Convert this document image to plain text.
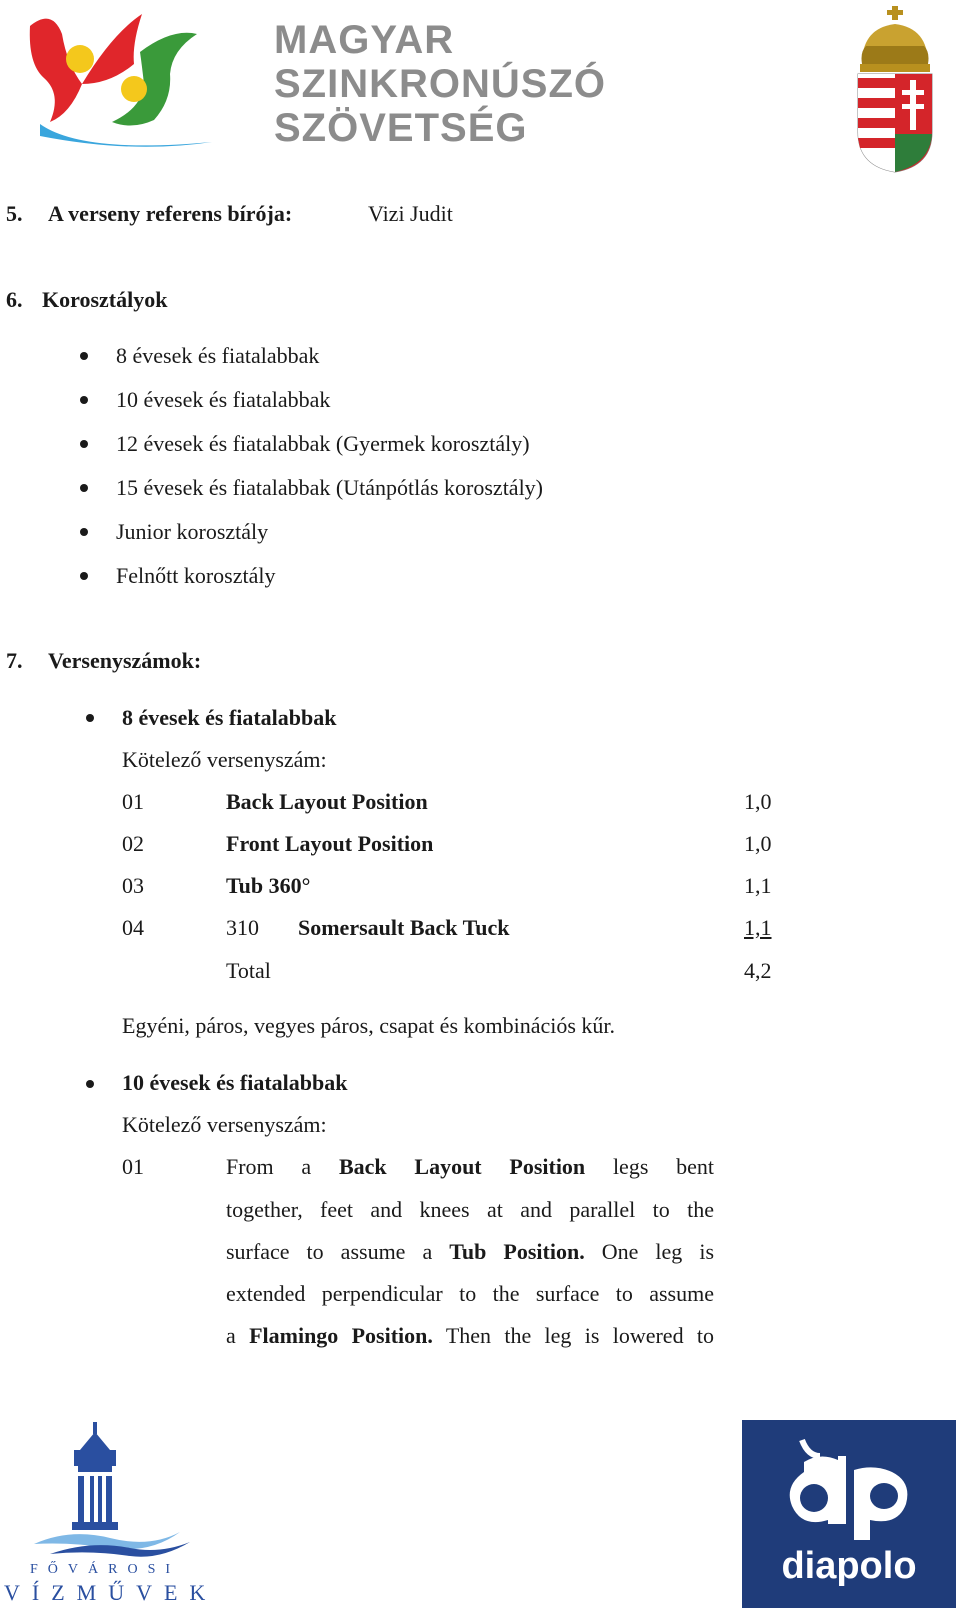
MAGYAR
SZINKRONÚSZÓ
SZÖVETSÉG
5. A verseny referens bírója:	Vizi Judit
6. Korosztályok
8 évesek és fiatalabbak
10 évesek és fiatalabbak
12 évesek és fiatalabbak (Gyermek korosztály)
15 évesek és fiatalabbak (Utánpótlás korosztály)
Junior korosztály
Felnőtt korosztály
7. Versenyszámok:
8 évesek és fiatalabbak
Kötelező versenyszám:
01	Back Layout Position	1,0
02	Front Layout Position	1,0
03	Tub 360°	1,1
04	310 Somersault Back Tuck	1,1
Total	4,2
Egyéni, páros, vegyes páros, csapat és kombinációs kűr.
10 évesek és fiatalabbak
Kötelező versenyszám:
01	From a Back Layout Position legs bent
together, feet and knees at and parallel to the
surface to assume a Tub Position. One leg is
extended perpendicular to the surface to assume
a Flamingo Position. Then the leg is lowered to
FŐVÁROSI
VÍZMŰVEK
diapolo
